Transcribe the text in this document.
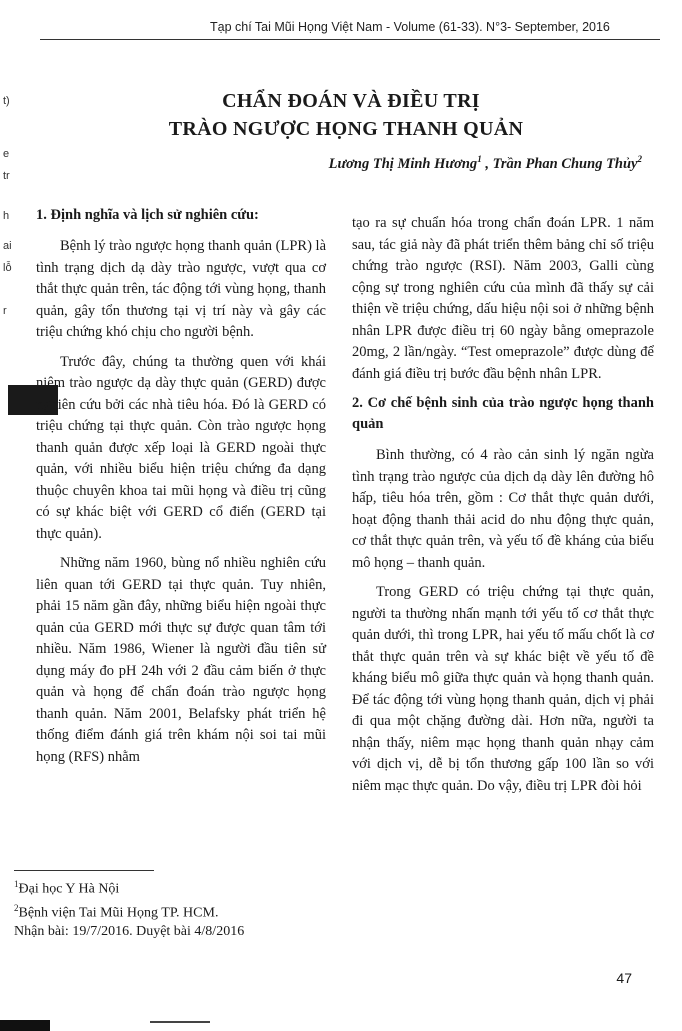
Tạp chí Tai Mũi Họng Việt Nam - Volume (61-33). N°3- September, 2016
t)
e
tr
h
ai
lỗ
r
CHẨN ĐOÁN VÀ ĐIỀU TRỊ
TRÀO NGƯỢC HỌNG THANH QUẢN
Lương Thị Minh Hương$^1$ , Trần Phan Chung Thủy$^2$
1. Định nghĩa và lịch sử nghiên cứu:

Bệnh lý trào ngược họng thanh quản (LPR) là tình trạng dịch dạ dày trào ngược, vượt qua cơ thắt thực quản trên, tác động tới vùng họng, thanh quản, gây tổn thương tại vị trí này và gây các triệu chứng khó chịu cho người bệnh.

Trước đây, chúng ta thường quen với khái niệm trào ngược dạ dày thực quản (GERD) được nghiên cứu bởi các nhà tiêu hóa. Đó là GERD có triệu chứng tại thực quản. Còn trào ngược họng thanh quản được xếp loại là GERD ngoài thực quản, với nhiều biểu hiện triệu chứng đa dạng thuộc chuyên khoa tai mũi họng và điều trị cũng có sự khác biệt với GERD cổ điển (GERD tại thực quản).

Những năm 1960, bùng nổ nhiều nghiên cứu liên quan tới GERD tại thực quản. Tuy nhiên, phải 15 năm gần đây, những biểu hiện ngoài thực quản của GERD mới thực sự được quan tâm tới nhiều. Năm 1986, Wiener là người đầu tiên sử dụng máy đo pH 24h với 2 đầu cảm biến ở thực quản và họng để chẩn đoán trào ngược họng thanh quản. Năm 2001, Belafsky phát triển hệ thống điểm đánh giá trên khám nội soi tai mũi họng (RFS) nhằm

tạo ra sự chuẩn hóa trong chẩn đoán LPR. 1 năm sau, tác giả này đã phát triển thêm bảng chỉ số triệu chứng trào ngược (RSI). Năm 2003, Galli cùng cộng sự trong nghiên cứu của mình đã thấy sự cải thiện về triệu chứng, dấu hiệu nội soi ở những bệnh nhân LPR được điều trị 60 ngày bằng omeprazole 20mg, 2 lần/ngày. “Test omeprazole” được dùng để đánh giá điều trị bước đầu bệnh nhân LPR.

2. Cơ chế bệnh sinh của trào ngược họng thanh quản

Bình thường, có 4 rào cản sinh lý ngăn ngừa tình trạng trào ngược của dịch dạ dày lên đường hô hấp, tiêu hóa trên, gồm : Cơ thắt thực quản dưới, hoạt động thanh thải acid do nhu động thực quản, cơ thắt thực quản trên, và yếu tố đề kháng của biểu mô họng – thanh quản.

Trong GERD có triệu chứng tại thực quản, người ta thường nhấn mạnh tới yếu tố cơ thắt thực quản dưới, thì trong LPR, hai yếu tố mấu chốt là cơ thắt thực quản trên và sự khác biệt về yếu tố đề kháng biểu mô giữa thực quản và họng thanh quản. Để tác động tới vùng họng thanh quản, dịch vị phải đi qua một chặng đường dài. Hơn nữa, người ta nhận thấy, niêm mạc họng thanh quản nhạy cảm với dịch vị, dễ bị tổn thương gấp 100 lần so với niêm mạc thực quản. Do vậy, điều trị LPR đòi hỏi

$^1$Đại học Y Hà Nội
$^2$Bệnh viện Tai Mũi Họng TP. HCM.
Nhận bài: 19/7/2016. Duyệt bài 4/8/2016
47
